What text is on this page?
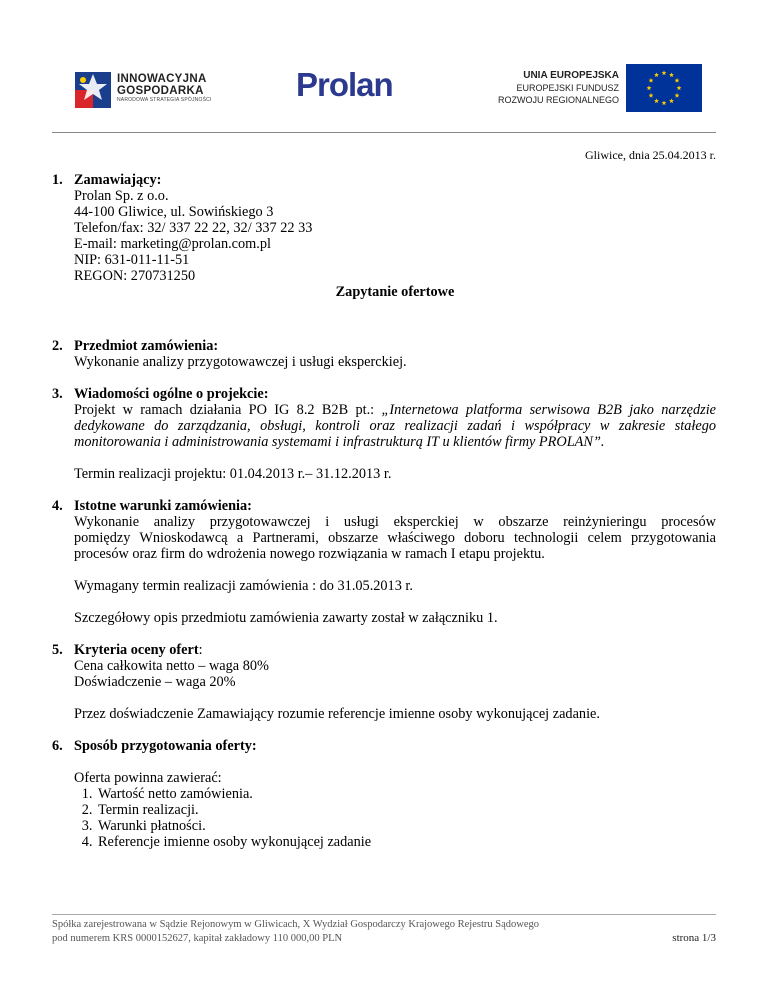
INNOWACYJNA
GOSPODARKA
NARODOWA STRATEGIA SPÓJNOŚCI	Prolan	UNIA EUROPEJSKA
EUROPEJSKI FUNDUSZ
ROZWOJU REGIONALNEGO
Gliwice, dnia 25.04.2013 r.
1. Zamawiający:
Prolan Sp. z o.o.
44-100 Gliwice, ul. Sowińskiego 3
Telefon/fax: 32/ 337 22 22, 32/ 337 22 33
E-mail: marketing@prolan.com.pl
NIP: 631-011-11-51
REGON: 270731250
Zapytanie ofertowe
2. Przedmiot zamówienia:
Wykonanie analizy przygotowawczej i usługi eksperckiej.
3. Wiadomości ogólne o projekcie:
Projekt w ramach działania PO IG 8.2 B2B pt.: „Internetowa platforma serwisowa B2B jako narzędzie
dedykowane do zarządzania, obsługi, kontroli oraz realizacji zadań i współpracy w zakresie stałego
monitorowania i administrowania systemami i infrastrukturą IT u klientów firmy PROLAN”.
Termin realizacji projektu: 01.04.2013 r.– 31.12.2013 r.
4. Istotne warunki zamówienia:
Wykonanie analizy przygotowawczej i usługi eksperckiej w obszarze reinżynieringu procesów
pomiędzy Wnioskodawcą a Partnerami, obszarze właściwego doboru technologii celem przygotowania
procesów oraz firm do wdrożenia nowego rozwiązania w ramach I etapu projektu.
Wymagany termin realizacji zamówienia : do 31.05.2013 r.
Szczegółowy opis przedmiotu zamówienia zawarty został w załączniku 1.
5. Kryteria oceny ofert:
Cena całkowita netto – waga 80%
Doświadczenie – waga 20%
Przez doświadczenie Zamawiający rozumie referencje imienne osoby wykonującej zadanie.
6. Sposób przygotowania oferty:
Oferta powinna zawierać:
1. Wartość netto zamówienia.
2. Termin realizacji.
3. Warunki płatności.
4. Referencje imienne osoby wykonującej zadanie
Spółka zarejestrowana w Sądzie Rejonowym w Gliwicach, X Wydział Gospodarczy Krajowego Rejestru Sądowego
pod numerem KRS 0000152627, kapitał zakładowy 110 000,00 PLN	strona 1/3
